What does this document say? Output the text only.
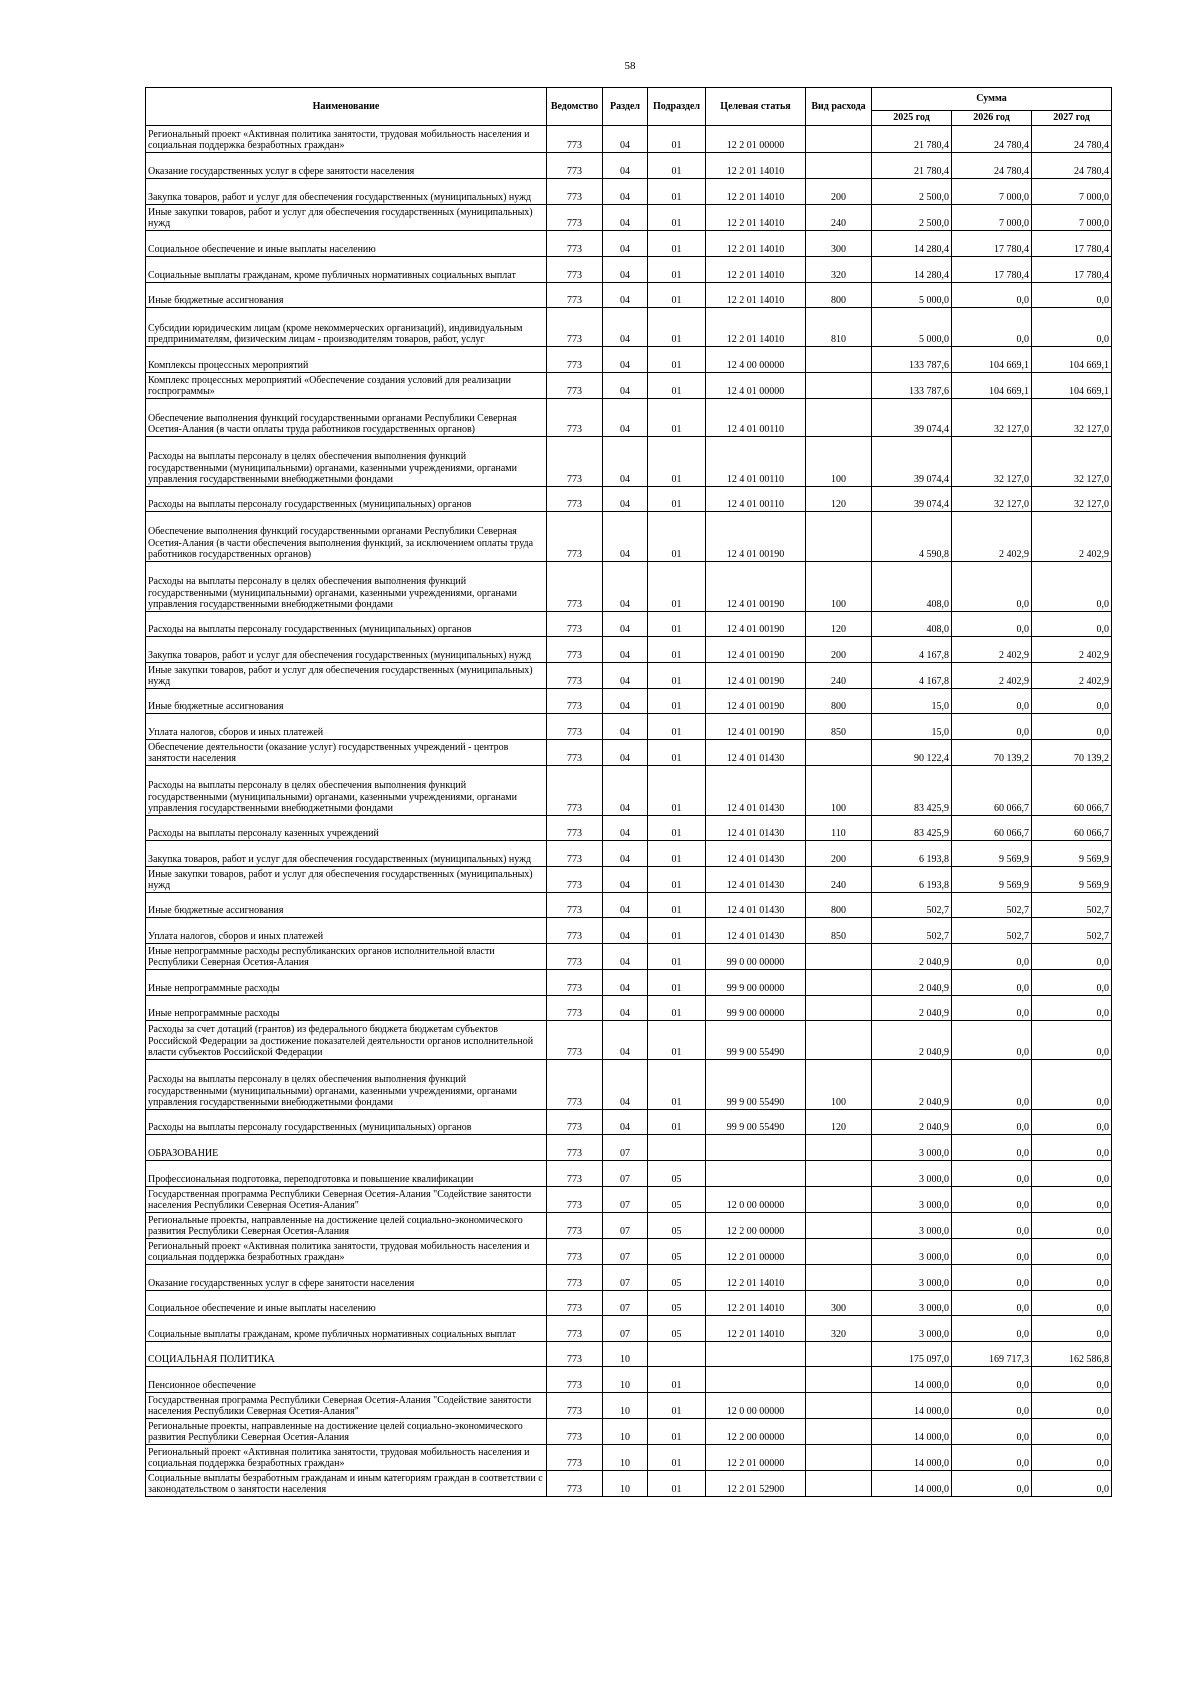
58
Наименование	Ведомство	Раздел	Подраздел	Целевая статья	Вид расхода	Сумма		
						2025 год	2026 год	2027 год
Региональный проект «Активная политика занятости, трудовая мобильность населения и социальная поддержка безработных граждан»	773	04	01	12 2 01 00000		21 780,4	24 780,4	24 780,4
Оказание государственных услуг в сфере занятости населения	773	04	01	12 2 01 14010		21 780,4	24 780,4	24 780,4
Закупка товаров, работ и услуг для обеспечения государственных (муниципальных) нужд	773	04	01	12 2 01 14010	200	2 500,0	7 000,0	7 000,0
Иные закупки товаров, работ и услуг для обеспечения государственных (муниципальных) нужд	773	04	01	12 2 01 14010	240	2 500,0	7 000,0	7 000,0
Социальное обеспечение и иные выплаты населению	773	04	01	12 2 01 14010	300	14 280,4	17 780,4	17 780,4
Социальные выплаты гражданам, кроме публичных нормативных социальных выплат	773	04	01	12 2 01 14010	320	14 280,4	17 780,4	17 780,4
Иные бюджетные ассигнования	773	04	01	12 2 01 14010	800	5 000,0	0,0	0,0
Субсидии юридическим лицам (кроме некоммерческих организаций), индивидуальным предпринимателям, физическим лицам - производителям товаров, работ, услуг	773	04	01	12 2 01 14010	810	5 000,0	0,0	0,0
Комплексы процессных мероприятий	773	04	01	12 4 00 00000		133 787,6	104 669,1	104 669,1
Комплекс процессных мероприятий «Обеспечение создания условий для реализации госпрограммы»	773	04	01	12 4 01 00000		133 787,6	104 669,1	104 669,1
Обеспечение выполнения функций государственными органами Республики Северная Осетия-Алания (в части оплаты труда работников государственных органов)	773	04	01	12 4 01 00110		39 074,4	32 127,0	32 127,0
Расходы на выплаты персоналу в целях обеспечения выполнения функций государственными (муниципальными) органами, казенными учреждениями, органами управления государственными внебюджетными фондами	773	04	01	12 4 01 00110	100	39 074,4	32 127,0	32 127,0
Расходы на выплаты персоналу государственных (муниципальных) органов	773	04	01	12 4 01 00110	120	39 074,4	32 127,0	32 127,0
Обеспечение выполнения функций государственными органами Республики Северная Осетия-Алания (в части обеспечения выполнения функций, за исключением оплаты труда работников государственных органов)	773	04	01	12 4 01 00190		4 590,8	2 402,9	2 402,9
Расходы на выплаты персоналу в целях обеспечения выполнения функций государственными (муниципальными) органами, казенными учреждениями, органами управления государственными внебюджетными фондами	773	04	01	12 4 01 00190	100	408,0	0,0	0,0
Расходы на выплаты персоналу государственных (муниципальных) органов	773	04	01	12 4 01 00190	120	408,0	0,0	0,0
Закупка товаров, работ и услуг для обеспечения государственных (муниципальных) нужд	773	04	01	12 4 01 00190	200	4 167,8	2 402,9	2 402,9
Иные закупки товаров, работ и услуг для обеспечения государственных (муниципальных) нужд	773	04	01	12 4 01 00190	240	4 167,8	2 402,9	2 402,9
Иные бюджетные ассигнования	773	04	01	12 4 01 00190	800	15,0	0,0	0,0
Уплата налогов, сборов и иных платежей	773	04	01	12 4 01 00190	850	15,0	0,0	0,0
Обеспечение деятельности (оказание услуг) государственных учреждений - центров занятости населения	773	04	01	12 4 01 01430		90 122,4	70 139,2	70 139,2
Расходы на выплаты персоналу в целях обеспечения выполнения функций государственными (муниципальными) органами, казенными учреждениями, органами управления государственными внебюджетными фондами	773	04	01	12 4 01 01430	100	83 425,9	60 066,7	60 066,7
Расходы на выплаты персоналу казенных учреждений	773	04	01	12 4 01 01430	110	83 425,9	60 066,7	60 066,7
Закупка товаров, работ и услуг для обеспечения государственных (муниципальных) нужд	773	04	01	12 4 01 01430	200	6 193,8	9 569,9	9 569,9
Иные закупки товаров, работ и услуг для обеспечения государственных (муниципальных) нужд	773	04	01	12 4 01 01430	240	6 193,8	9 569,9	9 569,9
Иные бюджетные ассигнования	773	04	01	12 4 01 01430	800	502,7	502,7	502,7
Уплата налогов, сборов и иных платежей	773	04	01	12 4 01 01430	850	502,7	502,7	502,7
Иные непрограммные расходы республиканских органов исполнительной власти Республики Северная Осетия-Алания	773	04	01	99 0 00 00000		2 040,9	0,0	0,0
Иные непрограммные расходы	773	04	01	99 9 00 00000		2 040,9	0,0	0,0
Иные непрограммные расходы	773	04	01	99 9 00 00000		2 040,9	0,0	0,0
Расходы за счет дотаций (грантов) из федерального бюджета бюджетам субъектов Российской Федерации за достижение показателей деятельности органов исполнительной власти субъектов Российской Федерации	773	04	01	99 9 00 55490		2 040,9	0,0	0,0
Расходы на выплаты персоналу в целях обеспечения выполнения функций государственными (муниципальными) органами, казенными учреждениями, органами управления государственными внебюджетными фондами	773	04	01	99 9 00 55490	100	2 040,9	0,0	0,0
Расходы на выплаты персоналу государственных (муниципальных) органов	773	04	01	99 9 00 55490	120	2 040,9	0,0	0,0
ОБРАЗОВАНИЕ	773	07				3 000,0	0,0	0,0
Профессиональная подготовка, переподготовка и повышение квалификации	773	07	05			3 000,0	0,0	0,0
Государственная программа Республики Северная Осетия-Алания "Содействие занятости населения Республики Северная Осетия-Алания"	773	07	05	12 0 00 00000		3 000,0	0,0	0,0
Региональные проекты, направленные на достижение целей социально-экономического развития Республики Северная Осетия-Алания	773	07	05	12 2 00 00000		3 000,0	0,0	0,0
Региональный проект «Активная политика занятости, трудовая мобильность населения и социальная поддержка безработных граждан»	773	07	05	12 2 01 00000		3 000,0	0,0	0,0
Оказание государственных услуг в сфере занятости населения	773	07	05	12 2 01 14010		3 000,0	0,0	0,0
Социальное обеспечение и иные выплаты населению	773	07	05	12 2 01 14010	300	3 000,0	0,0	0,0
Социальные выплаты гражданам, кроме публичных нормативных социальных выплат	773	07	05	12 2 01 14010	320	3 000,0	0,0	0,0
СОЦИАЛЬНАЯ ПОЛИТИКА	773	10				175 097,0	169 717,3	162 586,8
Пенсионное обеспечение	773	10	01			14 000,0	0,0	0,0
Государственная программа Республики Северная Осетия-Алания "Содействие занятости населения Республики Северная Осетия-Алания"	773	10	01	12 0 00 00000		14 000,0	0,0	0,0
Региональные проекты, направленные на достижение целей социально-экономического развития Республики Северная Осетия-Алания	773	10	01	12 2 00 00000		14 000,0	0,0	0,0
Региональный проект «Активная политика занятости, трудовая мобильность населения и социальная поддержка безработных граждан»	773	10	01	12 2 01 00000		14 000,0	0,0	0,0
Социальные выплаты безработным гражданам и иным категориям граждан в соответствии с законодательством о занятости населения	773	10	01	12 2 01 52900		14 000,0	0,0	0,0
